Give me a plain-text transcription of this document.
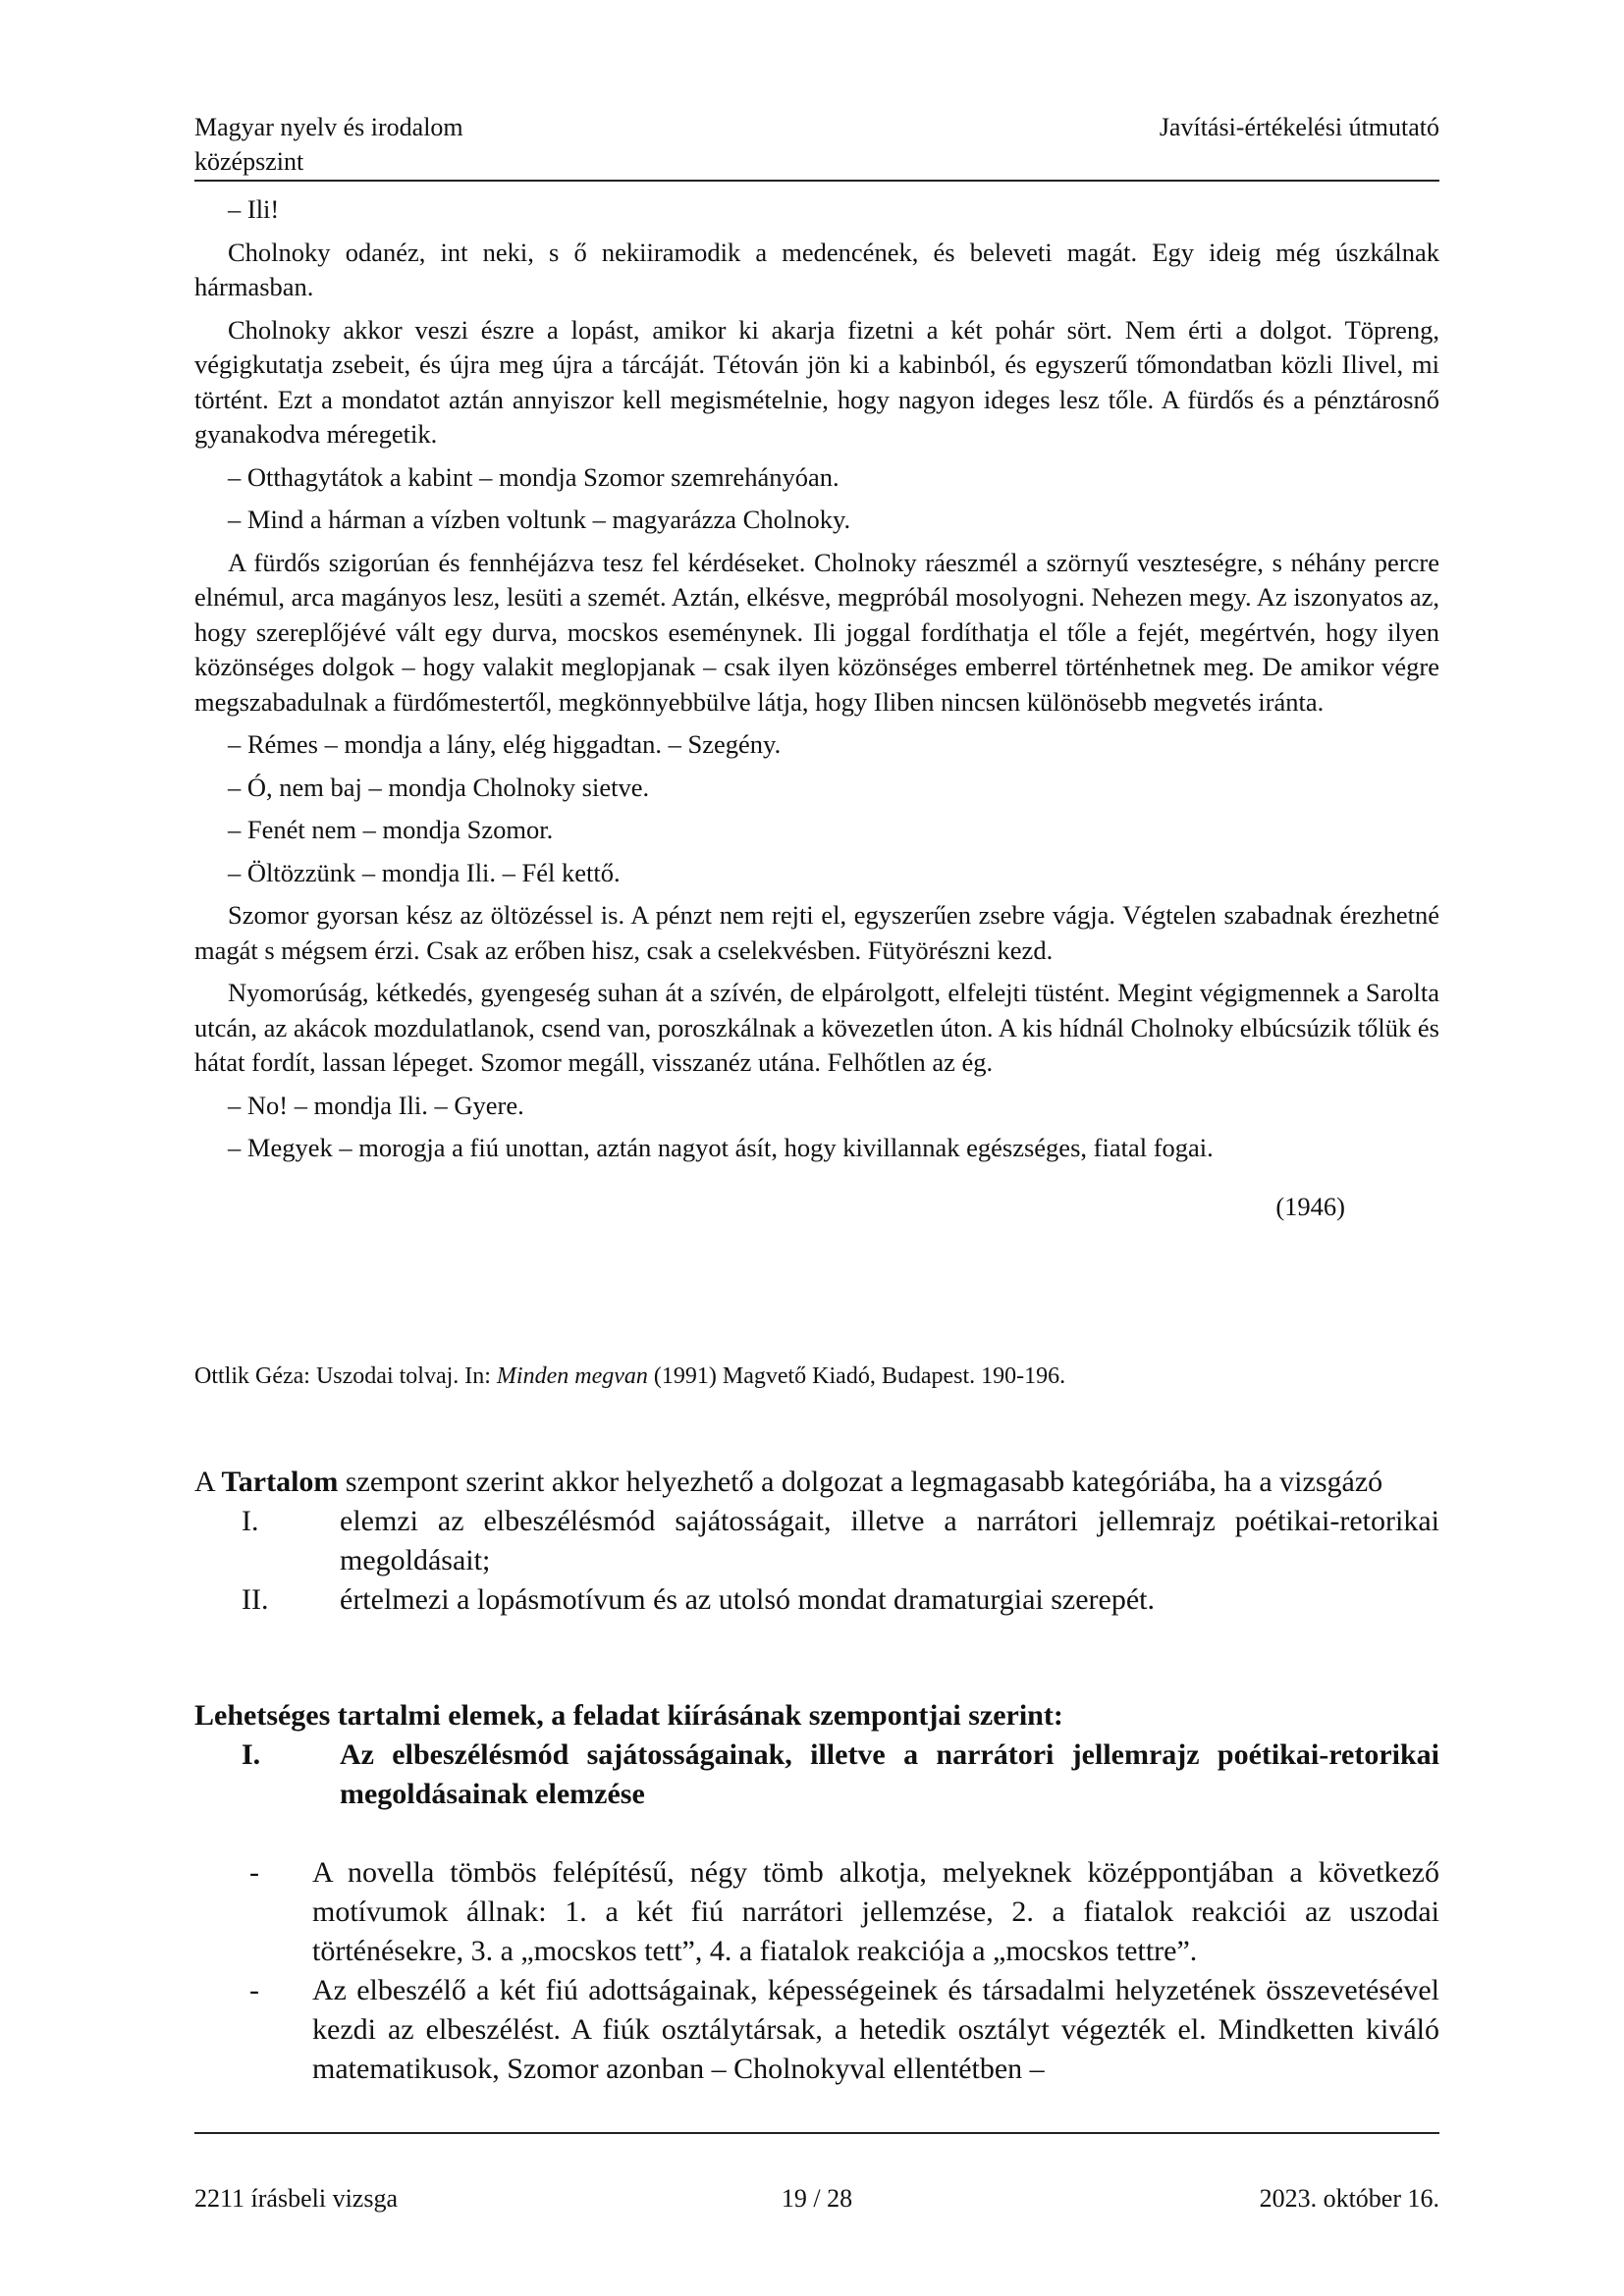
Magyar nyelv és irodalom
középszint
Javítási-értékelési útmutató

– Ili!

Cholnoky odanéz, int neki, s ő nekiiramodik a medencének, és beleveti magát. Egy ideig még úszkálnak hármasban.

Cholnoky akkor veszi észre a lopást, amikor ki akarja fizetni a két pohár sört. Nem érti a dolgot. Töpreng, végigkutatja zsebeit, és újra meg újra a tárcáját. Tétován jön ki a kabinból, és egyszerű tőmondatban közli Ilivel, mi történt. Ezt a mondatot aztán annyiszor kell megismételnie, hogy nagyon ideges lesz tőle. A fürdős és a pénztárosnő gyanakodva méregetik.

– Otthagytátok a kabint – mondja Szomor szemrehányóan.

– Mind a hárman a vízben voltunk – magyarázza Cholnoky.

A fürdős szigorúan és fennhéjázva tesz fel kérdéseket. Cholnoky ráeszmél a szörnyű veszteségre, s néhány percre elnémul, arca magányos lesz, lesüti a szemét. Aztán, elkésve, megpróbál mosolyogni. Nehezen megy. Az iszonyatos az, hogy szereplőjévé vált egy durva, mocskos eseménynek. Ili joggal fordíthatja el tőle a fejét, megértvén, hogy ilyen közönséges dolgok – hogy valakit meglopjanak – csak ilyen közönséges emberrel történhetnek meg. De amikor végre megszabadulnak a fürdőmestertől, megkönnyebbülve látja, hogy Iliben nincsen különösebb megvetés iránta.

– Rémes – mondja a lány, elég higgadtan. – Szegény.

– Ó, nem baj – mondja Cholnoky sietve.

– Fenét nem – mondja Szomor.

– Öltözzünk – mondja Ili. – Fél kettő.

Szomor gyorsan kész az öltözéssel is. A pénzt nem rejti el, egyszerűen zsebre vágja. Végtelen szabadnak érezhetné magát s mégsem érzi. Csak az erőben hisz, csak a cselekvésben. Fütyörészni kezd.

Nyomorúság, kétkedés, gyengeség suhan át a szívén, de elpárolgott, elfelejti tüstént. Megint végigmennek a Sarolta utcán, az akácok mozdulatlanok, csend van, poroszkálnak a kövezetlen úton. A kis hídnál Cholnoky elbúcsúzik tőlük és hátat fordít, lassan lépeget. Szomor megáll, visszanéz utána. Felhőtlen az ég.

– No! – mondja Ili. – Gyere.

– Megyek – morogja a fiú unottan, aztán nagyot ásít, hogy kivillannak egészséges, fiatal fogai.

(1946)

Ottlik Géza: Uszodai tolvaj. In: Minden megvan (1991) Magvető Kiadó, Budapest. 190-196.

A Tartalom szempont szerint akkor helyezhető a dolgozat a legmagasabb kategóriába, ha a vizsgázó

I.	elemzi az elbeszélésmód sajátosságait, illetve a narrátori jellemrajz poétikai-retorikai megoldásait;
II.	értelmezi a lopásmotívum és az utolsó mondat dramaturgiai szerepét.

Lehetséges tartalmi elemek, a feladat kiírásának szempontjai szerint:

I.	Az elbeszélésmód sajátosságainak, illetve a narrátori jellemrajz poétikai-retorikai megoldásainak elemzése
-	A novella tömbös felépítésű, négy tömb alkotja, melyeknek középpontjában a következő motívumok állnak: 1. a két fiú narrátori jellemzése, 2. a fiatalok reakciói az uszodai történésekre, 3. a „mocskos tett”, 4. a fiatalok reakciója a „mocskos tettre”.
-	Az elbeszélő a két fiú adottságainak, képességeinek és társadalmi helyzetének összevetésével kezdi az elbeszélést. A fiúk osztálytársak, a hetedik osztályt végezték el. Mindketten kiváló matematikusok, Szomor azonban – Cholnokyval ellentétben –
2211 írásbeli vizsga	19 / 28	2023. október 16.
